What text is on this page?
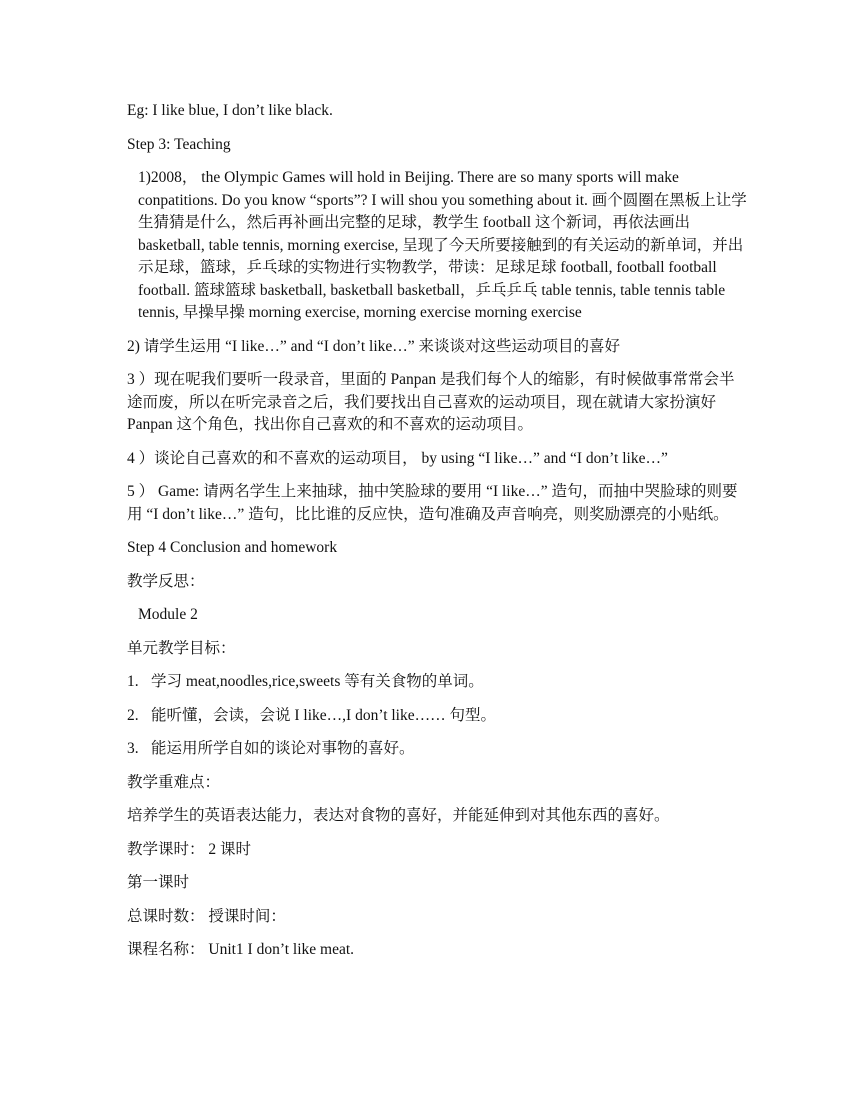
Eg: I like blue, I don’t like black.

Step 3: Teaching

1)2008， the Olympic Games will hold in Beijing. There are so many sports will make conpatitions. Do you know “sports”? I will shou you something about it. 画个圆圈在黑板上让学生猜猜是什么，然后再补画出完整的足球，教学生 football 这个新词，再依法画出 basketball, table tennis, morning exercise, 呈现了今天所要接触到的有关运动的新单词，并出示足球，篮球，乒乓球的实物进行实物教学，带读：足球足球 football, football football football. 篮球篮球 basketball, basketball basketball，乒乓乒乓 table tennis, table tennis table tennis, 早操早操 morning exercise, morning exercise morning exercise

2) 请学生运用 “I like…” and “I don’t like…” 来谈谈对这些运动项目的喜好

3 ）现在呢我们要听一段录音，里面的 Panpan 是我们每个人的缩影，有时候做事常常会半途而废，所以在听完录音之后，我们要找出自己喜欢的运动项目，现在就请大家扮演好 Panpan 这个角色，找出你自己喜欢的和不喜欢的运动项目。

4 ）谈论自己喜欢的和不喜欢的运动项目， by using “I like…” and “I don’t like…”

5 ） Game: 请两名学生上来抽球，抽中笑脸球的要用 “I like…” 造句，而抽中哭脸球的则要用 “I don’t like…” 造句，比比谁的反应快，造句准确及声音响亮，则奖励漂亮的小贴纸。

Step 4 Conclusion and homework

教学反思：

Module 2

单元教学目标：

1. 学习 meat,noodles,rice,sweets 等有关食物的单词。

2. 能听懂，会读，会说 I like…,I don’t like…… 句型。

3. 能运用所学自如的谈论对事物的喜好。

教学重难点：

培养学生的英语表达能力，表达对食物的喜好，并能延伸到对其他东西的喜好。

教学课时： 2 课时

第一课时

总课时数： 授课时间：

课程名称： Unit1 I don’t like meat.
